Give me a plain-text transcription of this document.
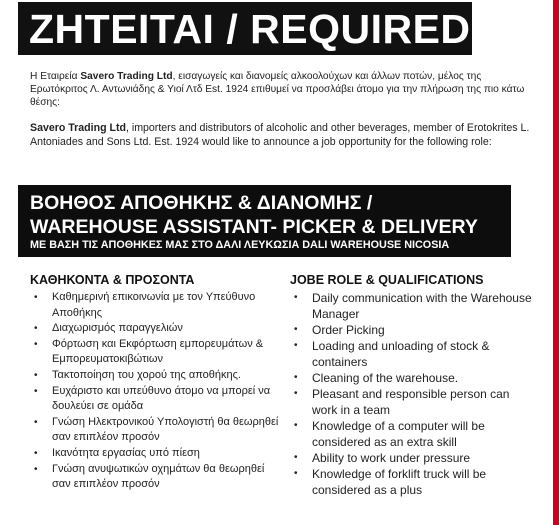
ΖΗΤΕΙΤΑΙ / REQUIRED

Η Εταιρεία Savero Trading Ltd, εισαγωγείς και διανομείς αλκοολούχων και άλλων ποτών, μέλος της Ερωτόκριτος Λ. Αντωνιάδης & Υιοί Λτδ Est. 1924 επιθυμεί να προσλάβει άτομο για την πλήρωση της πιο κάτω θέσης:

Savero Trading Ltd, importers and distributors of alcoholic and other beverages, member of Erotokrites L. Antoniades and Sons Ltd. Est. 1924 would like to announce a job opportunity for the following role:

ΒΟΗΘΟΣ ΑΠΟΘΗΚΗΣ & ΔΙΑΝΟΜΗΣ /
WAREHOUSE ASSISTANT- PICKER & DELIVERY
ΜΕ ΒΑΣΗ ΤΙΣ ΑΠΟΘΗΚΕΣ ΜΑΣ ΣΤΟ ΔΑΛΙ ΛΕΥΚΩΣΙΑ DALI WAREHOUSE NICOSIA
ΚΑΘΗΚΟΝΤΑ & ΠΡΟΣΟΝΤΑ
• Καθημερινή επικοινωνία με τον Υπεύθυνο Αποθήκης
• Διαχωρισμός παραγγελιών
• Φόρτωση και Εκφόρτωση εμπορευμάτων & Εμπορευματοκιβώτιων
• Τακτοποίηση του χορού της αποθήκης.
• Ευχάριστο και υπεύθυνο άτομο να μπορεί να δουλεύει σε ομάδα
• Γνώση Ηλεκτρονικού Υπολογιστή θα θεωρηθεί σαν επιπλέον προσόν
• Ικανότητα εργασίας υπό πίεση
• Γνώση ανυψωτικών οχημάτων θα θεωρηθεί σαν επιπλέον προσόν
JOBE ROLE & QUALIFICATIONS
• Daily communication with the Warehouse Manager
• Order Picking
• Loading and unloading of stock & containers
• Cleaning of the warehouse.
• Pleasant and responsible person can work in a team
• Knowledge of a computer will be considered as an extra skill
• Ability to work under pressure
• Knowledge of forklift truck will be considered as a plus
